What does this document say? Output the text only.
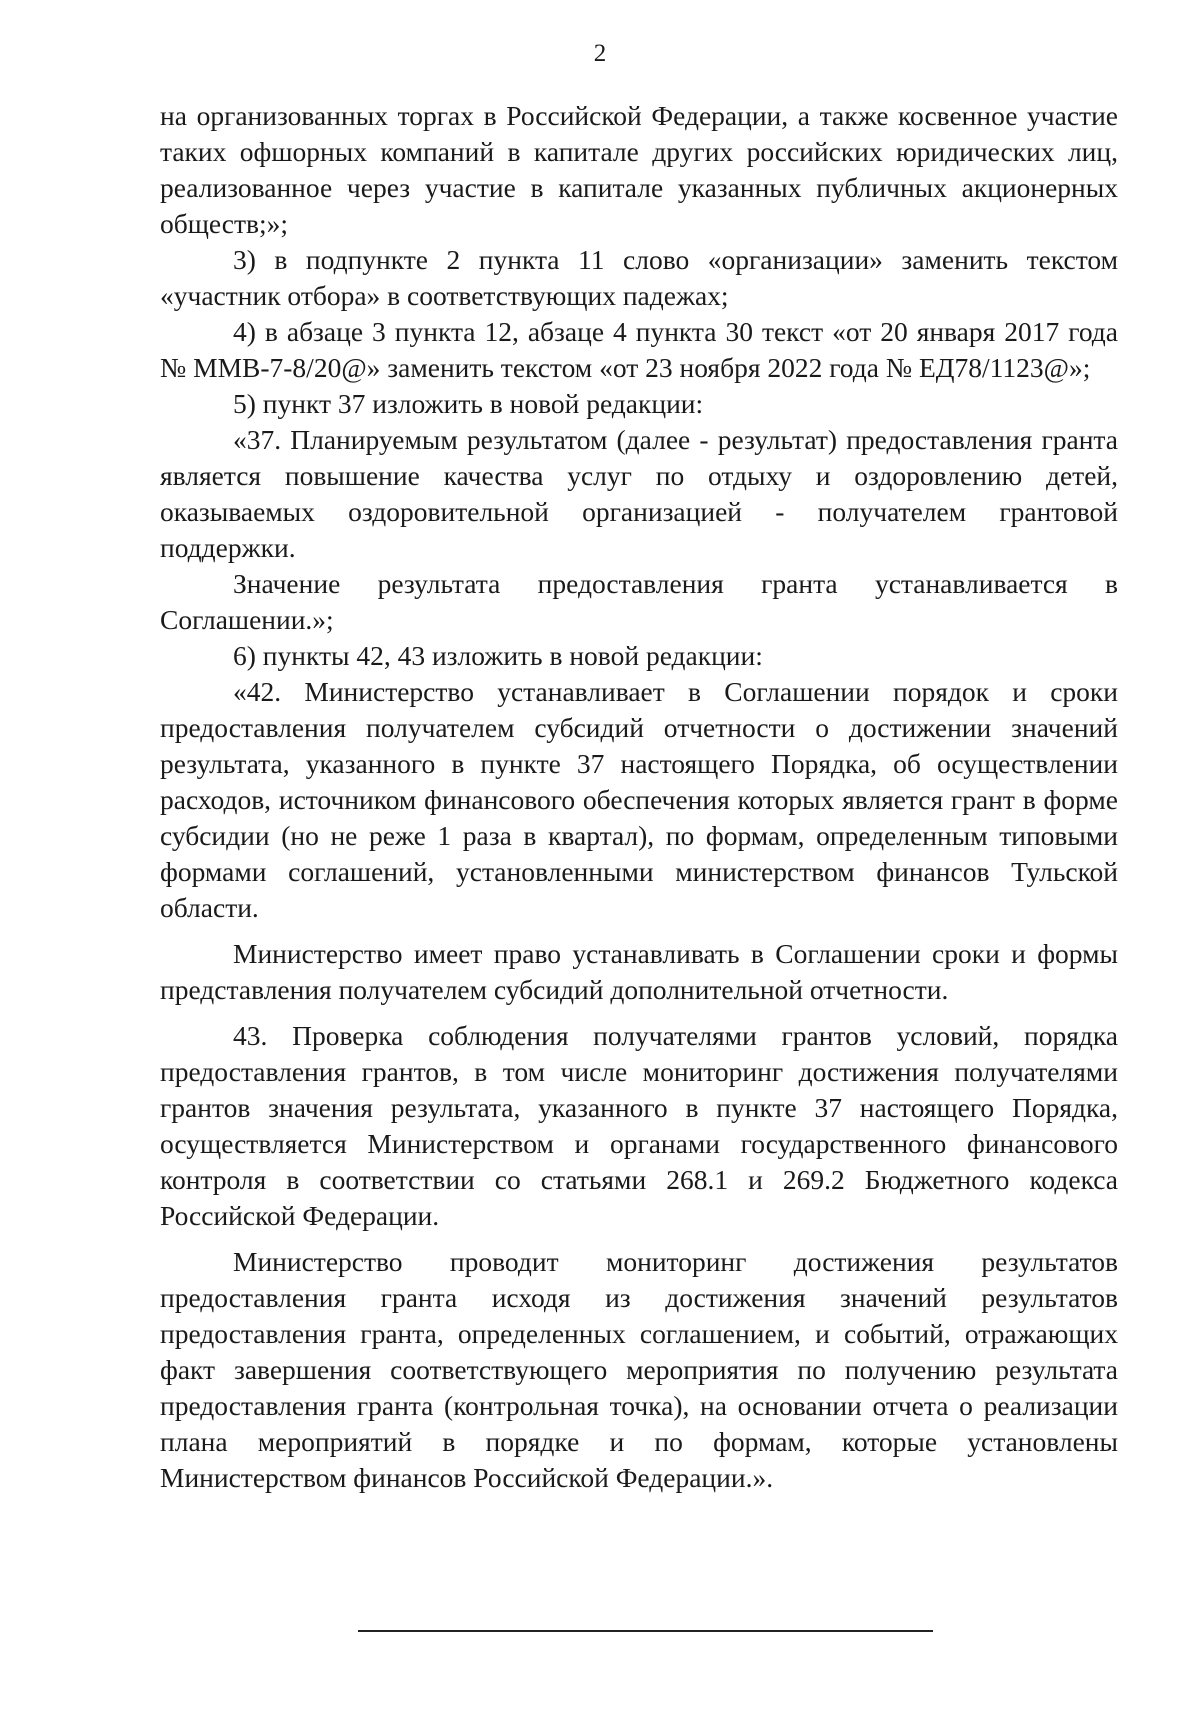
2

на организованных торгах в Российской Федерации, а также косвенное участие таких офшорных компаний в капитале других российских юридических лиц, реализованное через участие в капитале указанных публичных акционерных обществ;»;

3) в подпункте 2 пункта 11 слово «организации» заменить текстом «участник отбора» в соответствующих падежах;

4) в абзаце 3 пункта 12, абзаце 4 пункта 30 текст «от 20 января 2017 года № ММВ-7-8/20@» заменить текстом «от 23 ноября 2022 года № ЕД78/1123@»;

5) пункт 37 изложить в новой редакции:

«37. Планируемым результатом (далее - результат) предоставления гранта является повышение качества услуг по отдыху и оздоровлению детей, оказываемых оздоровительной организацией - получателем грантовой поддержки.

Значение результата предоставления гранта устанавливается в Соглашении.»;

6) пункты 42, 43 изложить в новой редакции:

«42. Министерство устанавливает в Соглашении порядок и сроки предоставления получателем субсидий отчетности о достижении значений результата, указанного в пункте 37 настоящего Порядка, об осуществлении расходов, источником финансового обеспечения которых является грант в форме субсидии (но не реже 1 раза в квартал), по формам, определенным типовыми формами соглашений, установленными министерством финансов Тульской области.

Министерство имеет право устанавливать в Соглашении сроки и формы представления получателем субсидий дополнительной отчетности.

43. Проверка соблюдения получателями грантов условий, порядка предоставления грантов, в том числе мониторинг достижения получателями грантов значения результата, указанного в пункте 37 настоящего Порядка, осуществляется Министерством и органами государственного финансового контроля в соответствии со статьями 268.1 и 269.2 Бюджетного кодекса Российской Федерации.

Министерство проводит мониторинг достижения результатов предоставления гранта исходя из достижения значений результатов предоставления гранта, определенных соглашением, и событий, отражающих факт завершения соответствующего мероприятия по получению результата предоставления гранта (контрольная точка), на основании отчета о реализации плана мероприятий в порядке и по формам, которые установлены Министерством финансов Российской Федерации.».
